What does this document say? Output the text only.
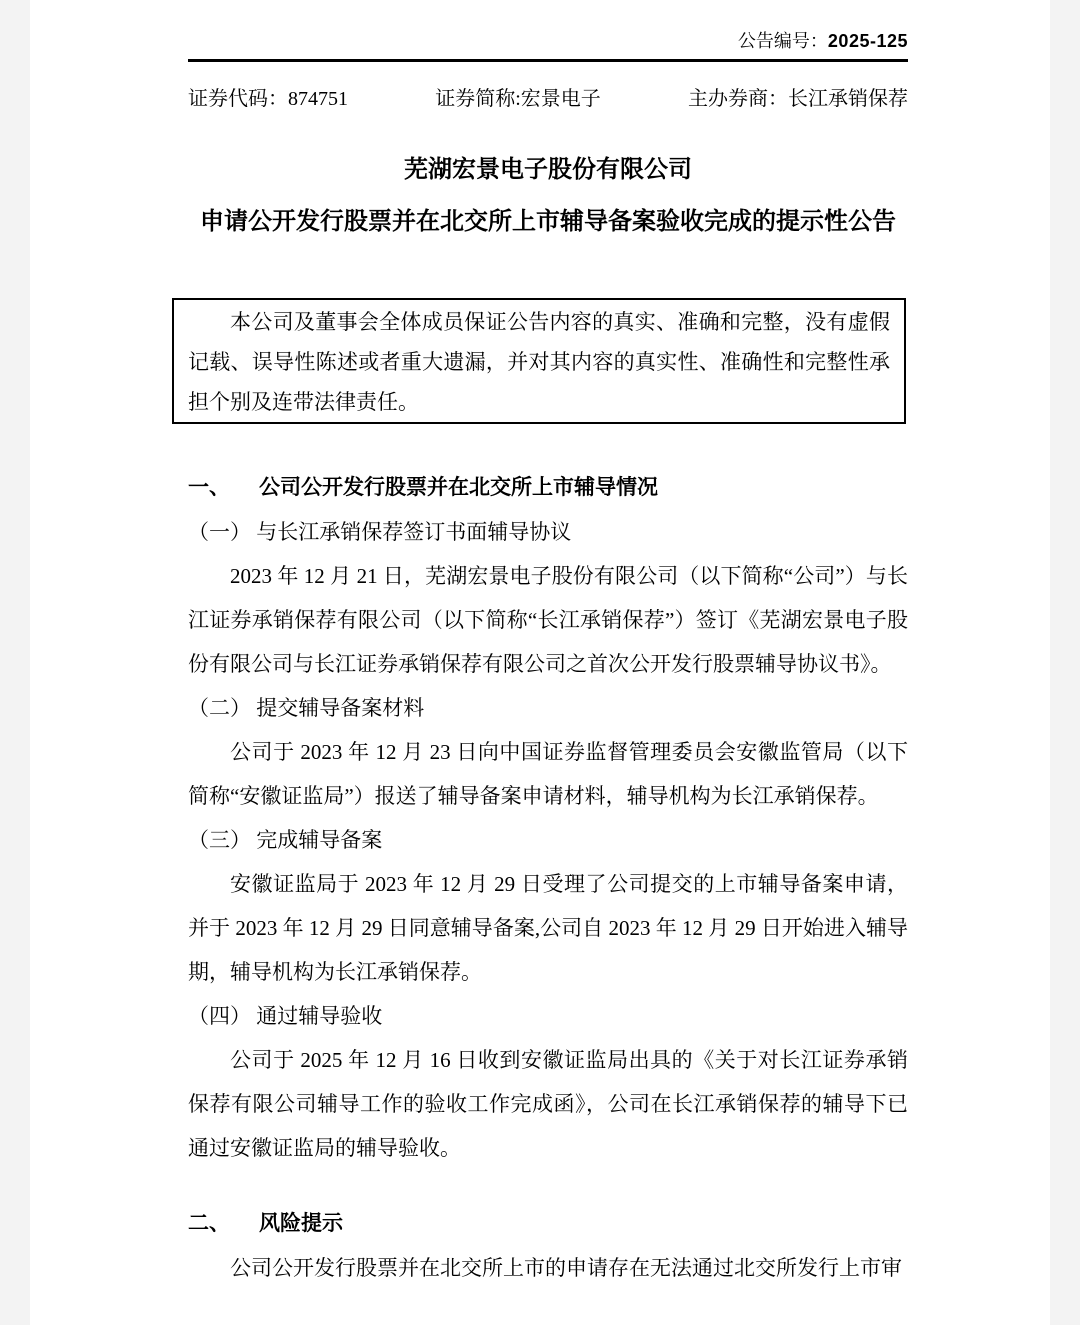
公告编号：2025-125
证券代码：874751	证券简称:宏景电子	主办券商：长江承销保荐
芜湖宏景电子股份有限公司
申请公开发行股票并在北交所上市辅导备案验收完成的提示性公告

本公司及董事会全体成员保证公告内容的真实、准确和完整，没有虚假记载、误导性陈述或者重大遗漏，并对其内容的真实性、准确性和完整性承担个别及连带法律责任。

一、	公司公开发行股票并在北交所上市辅导情况
（一） 与长江承销保荐签订书面辅导协议

2023 年 12 月 21 日，芜湖宏景电子股份有限公司（以下简称“公司”）与长江证券承销保荐有限公司（以下简称“长江承销保荐”）签订《芜湖宏景电子股份有限公司与长江证券承销保荐有限公司之首次公开发行股票辅导协议书》。

（二） 提交辅导备案材料

公司于 2023 年 12 月 23 日向中国证券监督管理委员会安徽监管局（以下简称“安徽证监局”）报送了辅导备案申请材料，辅导机构为长江承销保荐。

（三） 完成辅导备案

安徽证监局于 2023 年 12 月 29 日受理了公司提交的上市辅导备案申请，并于 2023 年 12 月 29 日同意辅导备案,公司自 2023 年 12 月 29 日开始进入辅导期，辅导机构为长江承销保荐。

（四） 通过辅导验收

公司于 2025 年 12 月 16 日收到安徽证监局出具的《关于对长江证券承销保荐有限公司辅导工作的验收工作完成函》，公司在长江承销保荐的辅导下已通过安徽证监局的辅导验收。

二、	风险提示

公司公开发行股票并在北交所上市的申请存在无法通过北交所发行上市审
